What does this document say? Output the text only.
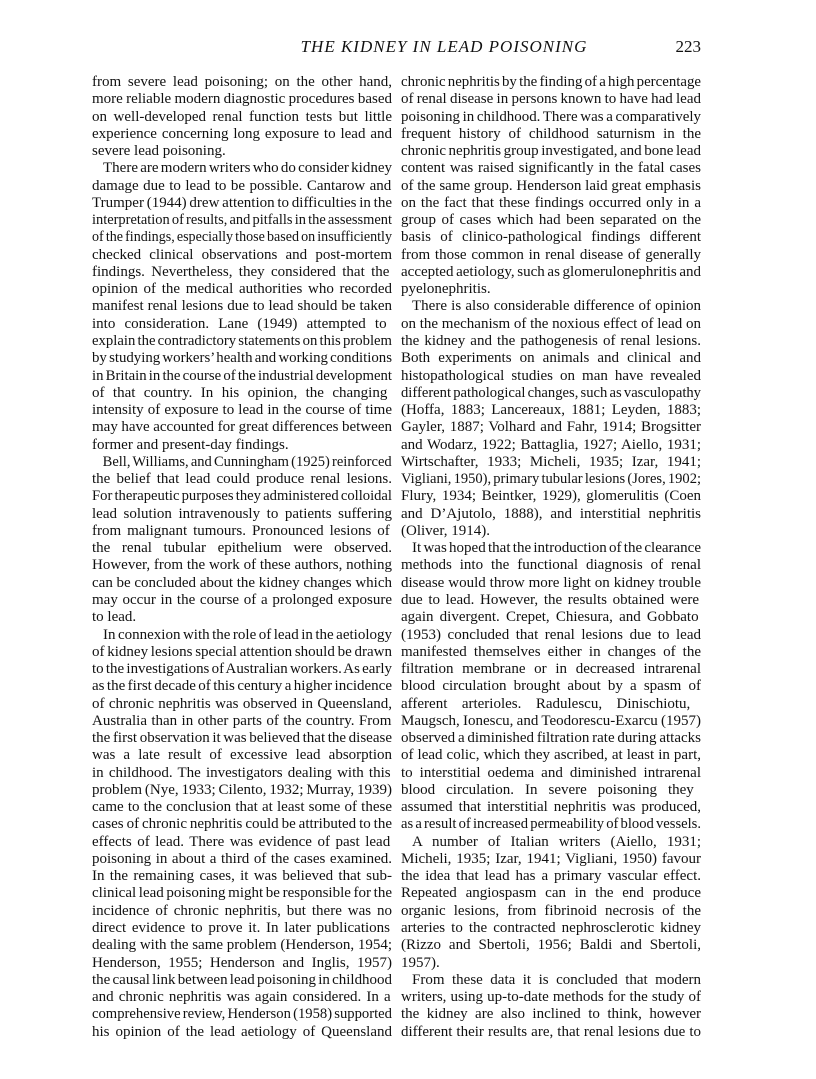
THE KIDNEY IN LEAD POISONING	223
from severe lead poisoning; on the other hand,
more reliable modern diagnostic procedures based
on well-developed renal function tests but little
experience concerning long exposure to lead and
severe lead poisoning.
There are modern writers who do consider kidney
damage due to lead to be possible. Cantarow and
Trumper (1944) drew attention to difficulties in the
interpretation of results, and pitfalls in the assessment
of the findings, especially those based on insufficiently
checked clinical observations and post-mortem
findings. Nevertheless, they considered that the
opinion of the medical authorities who recorded
manifest renal lesions due to lead should be taken
into consideration. Lane (1949) attempted to
explain the contradictory statements on this problem
by studying workers’ health and working conditions
in Britain in the course of the industrial development
of that country. In his opinion, the changing
intensity of exposure to lead in the course of time
may have accounted for great differences between
former and present-day findings.
Bell, Williams, and Cunningham (1925) reinforced
the belief that lead could produce renal lesions.
For therapeutic purposes they administered colloidal
lead solution intravenously to patients suffering
from malignant tumours. Pronounced lesions of
the renal tubular epithelium were observed.
However, from the work of these authors, nothing
can be concluded about the kidney changes which
may occur in the course of a prolonged exposure
to lead.
In connexion with the role of lead in the aetiology
of kidney lesions special attention should be drawn
to the investigations of Australian workers. As early
as the first decade of this century a higher incidence
of chronic nephritis was observed in Queensland,
Australia than in other parts of the country. From
the first observation it was believed that the disease
was a late result of excessive lead absorption
in childhood. The investigators dealing with this
problem (Nye, 1933; Cilento, 1932; Murray, 1939)
came to the conclusion that at least some of these
cases of chronic nephritis could be attributed to the
effects of lead. There was evidence of past lead
poisoning in about a third of the cases examined.
In the remaining cases, it was believed that sub-
clinical lead poisoning might be responsible for the
incidence of chronic nephritis, but there was no
direct evidence to prove it. In later publications
dealing with the same problem (Henderson, 1954;
Henderson, 1955; Henderson and Inglis, 1957)
the causal link between lead poisoning in childhood
and chronic nephritis was again considered. In a
comprehensive review, Henderson (1958) supported
his opinion of the lead aetiology of Queensland
chronic nephritis by the finding of a high percentage
of renal disease in persons known to have had lead
poisoning in childhood. There was a comparatively
frequent history of childhood saturnism in the
chronic nephritis group investigated, and bone lead
content was raised significantly in the fatal cases
of the same group. Henderson laid great emphasis
on the fact that these findings occurred only in a
group of cases which had been separated on the
basis of clinico-pathological findings different
from those common in renal disease of generally
accepted aetiology, such as glomerulonephritis and
pyelonephritis.
There is also considerable difference of opinion
on the mechanism of the noxious effect of lead on
the kidney and the pathogenesis of renal lesions.
Both experiments on animals and clinical and
histopathological studies on man have revealed
different pathological changes, such as vasculopathy
(Hoffa, 1883; Lancereaux, 1881; Leyden, 1883;
Gayler, 1887; Volhard and Fahr, 1914; Brogsitter
and Wodarz, 1922; Battaglia, 1927; Aiello, 1931;
Wirtschafter, 1933; Micheli, 1935; Izar, 1941;
Vigliani, 1950), primary tubular lesions (Jores, 1902;
Flury, 1934; Beintker, 1929), glomerulitis (Coen
and D’Ajutolo, 1888), and interstitial nephritis
(Oliver, 1914).
It was hoped that the introduction of the clearance
methods into the functional diagnosis of renal
disease would throw more light on kidney trouble
due to lead. However, the results obtained were
again divergent. Crepet, Chiesura, and Gobbato
(1953) concluded that renal lesions due to lead
manifested themselves either in changes of the
filtration membrane or in decreased intrarenal
blood circulation brought about by a spasm of
afferent arterioles. Radulescu, Dinischiotu,
Maugsch, Ionescu, and Teodorescu-Exarcu (1957)
observed a diminished filtration rate during attacks
of lead colic, which they ascribed, at least in part,
to interstitial oedema and diminished intrarenal
blood circulation. In severe poisoning they
assumed that interstitial nephritis was produced,
as a result of increased permeability of blood vessels.
A number of Italian writers (Aiello, 1931;
Micheli, 1935; Izar, 1941; Vigliani, 1950) favour
the idea that lead has a primary vascular effect.
Repeated angiospasm can in the end produce
organic lesions, from fibrinoid necrosis of the
arteries to the contracted nephrosclerotic kidney
(Rizzo and Sbertoli, 1956; Baldi and Sbertoli,
1957).
From these data it is concluded that modern
writers, using up-to-date methods for the study of
the kidney are also inclined to think, however
different their results are, that renal lesions due to
